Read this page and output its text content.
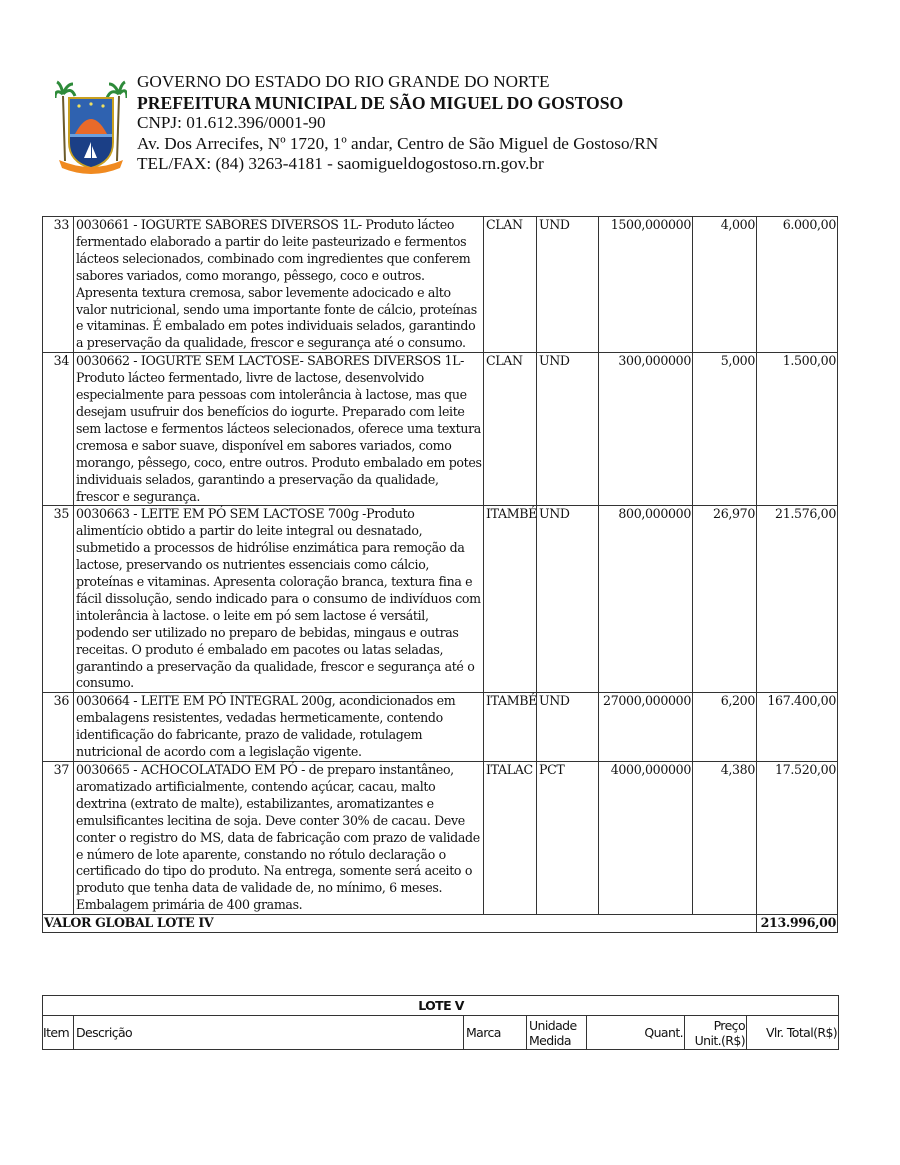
GOVERNO DO ESTADO DO RIO GRANDE DO NORTE
PREFEITURA MUNICIPAL DE SÃO MIGUEL DO GOSTOSO
CNPJ: 01.612.396/0001-90
Av. Dos Arrecifes, Nº 1720, 1º andar, Centro de São Miguel de Gostoso/RN
TEL/FAX: (84) 3263-4181 - saomigueldogostoso.rn.gov.br
33	0030661 - IOGURTE SABORES DIVERSOS 1L- Produto lácteo fermentado elaborado a partir do leite pasteurizado e fermentos lácteos selecionados, combinado com ingredientes que conferem sabores variados, como morango, pêssego, coco e outros. Apresenta textura cremosa, sabor levemente adocicado e alto valor nutricional, sendo uma importante fonte de cálcio, proteínas e vitaminas. É embalado em potes individuais selados, garantindo a preservação da qualidade, frescor e segurança até o consumo.	CLAN	UND	1500,000000	4,000	6.000,00
34	0030662 - IOGURTE SEM LACTOSE- SABORES DIVERSOS 1L- Produto lácteo fermentado, livre de lactose, desenvolvido especialmente para pessoas com intolerância à lactose, mas que desejam usufruir dos benefícios do iogurte. Preparado com leite sem lactose e fermentos lácteos selecionados, oferece uma textura cremosa e sabor suave, disponível em sabores variados, como morango, pêssego, coco, entre outros. Produto embalado em potes individuais selados, garantindo a preservação da qualidade, frescor e segurança.	CLAN	UND	300,000000	5,000	1.500,00
35	0030663 - LEITE EM PÓ SEM LACTOSE 700g -Produto alimentício obtido a partir do leite integral ou desnatado, submetido a processos de hidrólise enzimática para remoção da lactose, preservando os nutrientes essenciais como cálcio, proteínas e vitaminas. Apresenta coloração branca, textura fina e fácil dissolução, sendo indicado para o consumo de indivíduos com intolerância à lactose. o leite em pó sem lactose é versátil, podendo ser utilizado no preparo de bebidas, mingaus e outras receitas. O produto é embalado em pacotes ou latas seladas, garantindo a preservação da qualidade, frescor e segurança até o consumo.	ITAMBÉ	UND	800,000000	26,970	21.576,00
36	0030664 - LEITE EM PÓ INTEGRAL 200g, acondicionados em embalagens resistentes, vedadas hermeticamente, contendo identificação do fabricante, prazo de validade, rotulagem nutricional de acordo com a legislação vigente.	ITAMBÉ	UND	27000,000000	6,200	167.400,00
37	0030665 - ACHOCOLATADO EM PÓ - de preparo instantâneo, aromatizado artificialmente, contendo açúcar, cacau, malto dextrina (extrato de malte), estabilizantes, aromatizantes e emulsificantes lecitina de soja. Deve conter 30% de cacau. Deve conter o registro do MS, data de fabricação com prazo de validade e número de lote aparente, constando no rótulo declaração o certificado do tipo do produto. Na entrega, somente será aceito o produto que tenha data de validade de, no mínimo, 6 meses. Embalagem primária de 400 gramas.	ITALAC	PCT	4000,000000	4,380	17.520,00
VALOR GLOBAL LOTE IV						213.996,00
LOTE V
Item	Descrição	Marca	Unidade Medida	Quant.	Preço Unit.(R$)	Vlr. Total(R$)
